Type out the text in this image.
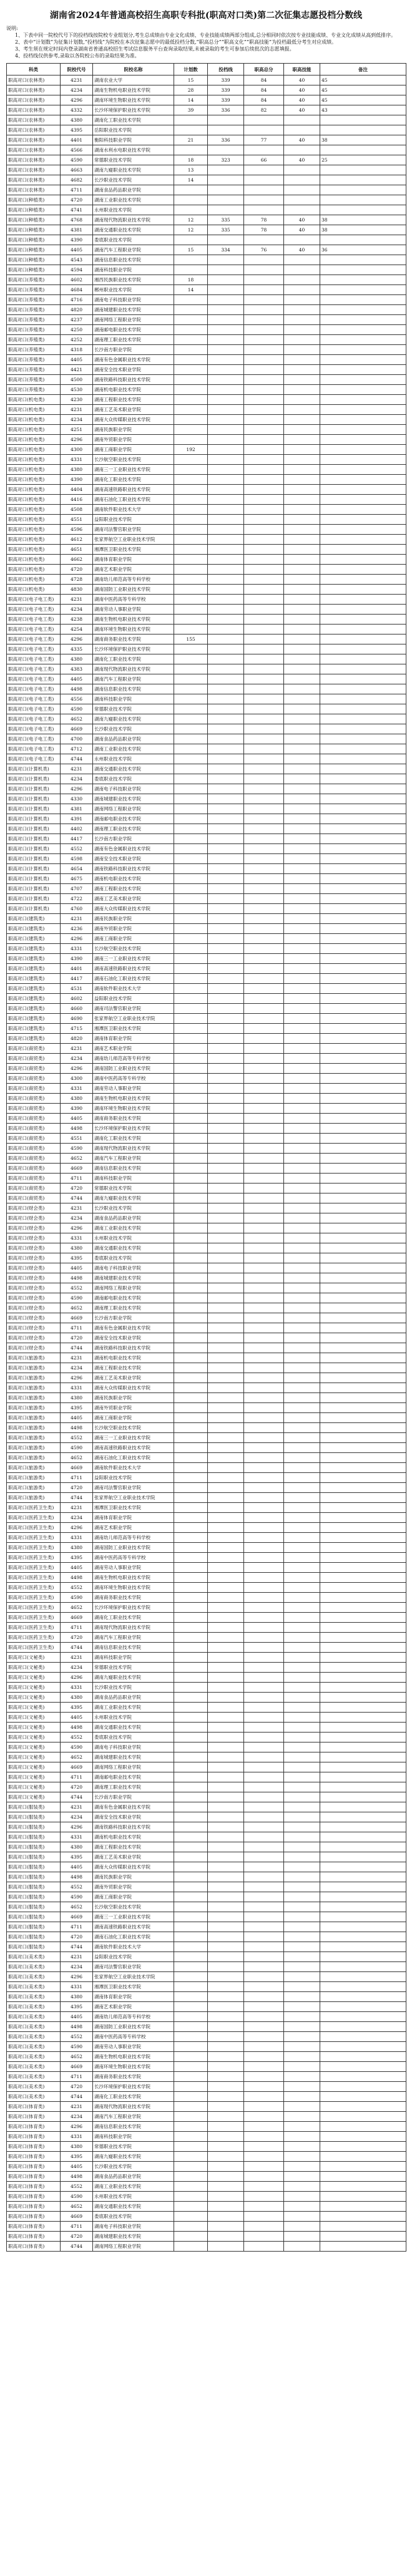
湖南省2024年普通高校招生高职专科批(职高对口类)第二次征集志愿投档分数线

说明:

1、下表中同一院校代号下的投档线按院校专业组划分,考生总成绩由专业文化成绩、专业技能成绩两部分组成,总分相同时依次按专业技能成绩、专业文化成绩从高到低排序。

2、表中“计划数”为征集计划数,“投档线”为院校在本次征集志愿中的最低投档分数,“职高总分”“职高文化”“职高技能”为投档最低分考生对应成绩。

3、考生须在规定时间内登录湖南省普通高校招生考试信息服务平台查询录取结果,未被录取的考生可参加后续批次的志愿填报。

4、投档线仅供参考,录取以各院校公布的录取结果为准。

科类	院校代号	院校名称	计划数	投档线	职高总分	职高技能	备注
职高对口(农林类)	4231	湖南农业大学	15	339	84	40	45
职高对口(农林类)	4234	湖南生物机电职业技术学院	28	339	84	40	45
职高对口(农林类)	4296	湖南环境生物职业技术学院	14	339	84	40	45
职高对口(农林类)	4332	长沙环境保护职业技术学院	39	336	82	40	43
职高对口(农林类)	4380	湖南化工职业技术学院					
职高对口(农林类)	4395	岳阳职业技术学院					
职高对口(农林类)	4401	衡阳科技职业学院	21	336	77	40	38
职高对口(农林类)	4566	湖南水利水电职业技术学院					
职高对口(农林类)	4590	常德职业技术学院	18	323	66	40	25
职高对口(农林类)	4663	湖南九嶷职业技术学院	13				
职高对口(农林类)	4682	长沙职业技术学院	14				
职高对口(农林类)	4711	湖南食品药品职业学院					
职高对口(种植类)	4720	湖南工业职业技术学院					
职高对口(种植类)	4741	永州职业技术学院					
职高对口(种植类)	4768	湖南现代物流职业技术学院	12	335	78	40	38
职高对口(种植类)	4381	湖南交通职业技术学院	12	335	78	40	38
职高对口(种植类)	4390	娄底职业技术学院					
职高对口(种植类)	4405	湖南汽车工程职业学院	15	334	76	40	36
职高对口(种植类)	4543	湖南信息职业技术学院					
职高对口(种植类)	4594	湖南科技职业学院					
职高对口(养殖类)	4602	湘西民族职业技术学院	18				
职高对口(养殖类)	4684	郴州职业技术学院	14				
职高对口(养殖类)	4716	湖南电子科技职业学院					
职高对口(养殖类)	4820	湖南城建职业技术学院					
职高对口(养殖类)	4237	湖南网络工程职业学院					
职高对口(养殖类)	4250	湖南邮电职业技术学院					
职高对口(养殖类)	4252	湖南理工职业技术学院					
职高对口(养殖类)	4318	长沙南方职业学院					
职高对口(养殖类)	4405	湖南有色金属职业技术学院					
职高对口(养殖类)	4421	湖南安全技术职业学院					
职高对口(养殖类)	4500	湖南铁路科技职业技术学院					
职高对口(养殖类)	4530	湖南机电职业技术学院					
职高对口(机电类)	4230	湖南工程职业技术学院					
职高对口(机电类)	4231	湖南工艺美术职业学院					
职高对口(机电类)	4234	湖南大众传媒职业技术学院					
职高对口(机电类)	4251	湖南民族职业学院					
职高对口(机电类)	4296	湖南外贸职业学院					
职高对口(机电类)	4300	湖南工商职业学院	192				
职高对口(机电类)	4331	长沙航空职业技术学院					
职高对口(机电类)	4380	湖南三一工业职业技术学院					
职高对口(机电类)	4390	湖南化工职业技术学院					
职高对口(机电类)	4404	湖南高速铁路职业技术学院					
职高对口(机电类)	4416	湖南石油化工职业技术学院					
职高对口(机电类)	4508	湖南软件职业技术大学					
职高对口(机电类)	4551	益阳职业技术学院					
职高对口(机电类)	4596	湖南司法警官职业学院					
职高对口(机电类)	4612	张家界航空工业职业技术学院					
职高对口(机电类)	4651	湘潭医卫职业技术学院					
职高对口(机电类)	4662	湖南体育职业学院					
职高对口(机电类)	4720	湖南艺术职业学院					
职高对口(机电类)	4728	湖南幼儿师范高等专科学校					
职高对口(机电类)	4830	湖南国防工业职业技术学院					
职高对口(电子电工类)	4231	湖南中医药高等专科学校					
职高对口(电子电工类)	4234	湖南劳动人事职业学院					
职高对口(电子电工类)	4238	湖南生物机电职业技术学院					
职高对口(电子电工类)	4254	湖南环境生物职业技术学院					
职高对口(电子电工类)	4296	湖南商务职业技术学院	155				
职高对口(电子电工类)	4335	长沙环境保护职业技术学院					
职高对口(电子电工类)	4380	湖南化工职业技术学院					
职高对口(电子电工类)	4383	湖南现代物流职业技术学院					
职高对口(电子电工类)	4405	湖南汽车工程职业学院					
职高对口(电子电工类)	4498	湖南信息职业技术学院					
职高对口(电子电工类)	4556	湖南科技职业学院					
职高对口(电子电工类)	4590	常德职业技术学院					
职高对口(电子电工类)	4652	湖南九嶷职业技术学院					
职高对口(电子电工类)	4669	长沙职业技术学院					
职高对口(电子电工类)	4700	湖南食品药品职业学院					
职高对口(电子电工类)	4712	湖南工业职业技术学院					
职高对口(电子电工类)	4744	永州职业技术学院					
职高对口(计算机类)	4231	湖南交通职业技术学院					
职高对口(计算机类)	4234	娄底职业技术学院					
职高对口(计算机类)	4296	湖南电子科技职业学院					
职高对口(计算机类)	4330	湖南城建职业技术学院					
职高对口(计算机类)	4381	湖南网络工程职业学院					
职高对口(计算机类)	4391	湖南邮电职业技术学院					
职高对口(计算机类)	4402	湖南理工职业技术学院					
职高对口(计算机类)	4417	长沙南方职业学院					
职高对口(计算机类)	4552	湖南有色金属职业技术学院					
职高对口(计算机类)	4598	湖南安全技术职业学院					
职高对口(计算机类)	4654	湖南铁路科技职业技术学院					
职高对口(计算机类)	4675	湖南机电职业技术学院					
职高对口(计算机类)	4707	湖南工程职业技术学院					
职高对口(计算机类)	4722	湖南工艺美术职业学院					
职高对口(计算机类)	4760	湖南大众传媒职业技术学院					
职高对口(建筑类)	4231	湖南民族职业学院					
职高对口(建筑类)	4236	湖南外贸职业学院					
职高对口(建筑类)	4296	湖南工商职业学院					
职高对口(建筑类)	4331	长沙航空职业技术学院					
职高对口(建筑类)	4390	湖南三一工业职业技术学院					
职高对口(建筑类)	4401	湖南高速铁路职业技术学院					
职高对口(建筑类)	4417	湖南石油化工职业技术学院					
职高对口(建筑类)	4531	湖南软件职业技术大学					
职高对口(建筑类)	4602	益阳职业技术学院					
职高对口(建筑类)	4660	湖南司法警官职业学院					
职高对口(建筑类)	4690	张家界航空工业职业技术学院					
职高对口(建筑类)	4715	湘潭医卫职业技术学院					
职高对口(建筑类)	4820	湖南体育职业学院					
职高对口(商贸类)	4231	湖南艺术职业学院					
职高对口(商贸类)	4234	湖南幼儿师范高等专科学校					
职高对口(商贸类)	4296	湖南国防工业职业技术学院					
职高对口(商贸类)	4300	湖南中医药高等专科学校					
职高对口(商贸类)	4331	湖南劳动人事职业学院					
职高对口(商贸类)	4380	湖南生物机电职业技术学院					
职高对口(商贸类)	4390	湖南环境生物职业技术学院					
职高对口(商贸类)	4405	湖南商务职业技术学院					
职高对口(商贸类)	4498	长沙环境保护职业技术学院					
职高对口(商贸类)	4551	湖南化工职业技术学院					
职高对口(商贸类)	4590	湖南现代物流职业技术学院					
职高对口(商贸类)	4652	湖南汽车工程职业学院					
职高对口(商贸类)	4669	湖南信息职业技术学院					
职高对口(商贸类)	4711	湖南科技职业学院					
职高对口(商贸类)	4720	常德职业技术学院					
职高对口(商贸类)	4744	湖南九嶷职业技术学院					
职高对口(财会类)	4231	长沙职业技术学院					
职高对口(财会类)	4234	湖南食品药品职业学院					
职高对口(财会类)	4296	湖南工业职业技术学院					
职高对口(财会类)	4331	永州职业技术学院					
职高对口(财会类)	4380	湖南交通职业技术学院					
职高对口(财会类)	4395	娄底职业技术学院					
职高对口(财会类)	4405	湖南电子科技职业学院					
职高对口(财会类)	4498	湖南城建职业技术学院					
职高对口(财会类)	4552	湖南网络工程职业学院					
职高对口(财会类)	4590	湖南邮电职业技术学院					
职高对口(财会类)	4652	湖南理工职业技术学院					
职高对口(财会类)	4669	长沙南方职业学院					
职高对口(财会类)	4711	湖南有色金属职业技术学院					
职高对口(财会类)	4720	湖南安全技术职业学院					
职高对口(财会类)	4744	湖南铁路科技职业技术学院					
职高对口(旅游类)	4231	湖南机电职业技术学院					
职高对口(旅游类)	4234	湖南工程职业技术学院					
职高对口(旅游类)	4296	湖南工艺美术职业学院					
职高对口(旅游类)	4331	湖南大众传媒职业技术学院					
职高对口(旅游类)	4380	湖南民族职业学院					
职高对口(旅游类)	4395	湖南外贸职业学院					
职高对口(旅游类)	4405	湖南工商职业学院					
职高对口(旅游类)	4498	长沙航空职业技术学院					
职高对口(旅游类)	4552	湖南三一工业职业技术学院					
职高对口(旅游类)	4590	湖南高速铁路职业技术学院					
职高对口(旅游类)	4652	湖南石油化工职业技术学院					
职高对口(旅游类)	4669	湖南软件职业技术大学					
职高对口(旅游类)	4711	益阳职业技术学院					
职高对口(旅游类)	4720	湖南司法警官职业学院					
职高对口(旅游类)	4744	张家界航空工业职业技术学院					
职高对口(医药卫生类)	4231	湘潭医卫职业技术学院					
职高对口(医药卫生类)	4234	湖南体育职业学院					
职高对口(医药卫生类)	4296	湖南艺术职业学院					
职高对口(医药卫生类)	4331	湖南幼儿师范高等专科学校					
职高对口(医药卫生类)	4380	湖南国防工业职业技术学院					
职高对口(医药卫生类)	4395	湖南中医药高等专科学校					
职高对口(医药卫生类)	4405	湖南劳动人事职业学院					
职高对口(医药卫生类)	4498	湖南生物机电职业技术学院					
职高对口(医药卫生类)	4552	湖南环境生物职业技术学院					
职高对口(医药卫生类)	4590	湖南商务职业技术学院					
职高对口(医药卫生类)	4652	长沙环境保护职业技术学院					
职高对口(医药卫生类)	4669	湖南化工职业技术学院					
职高对口(医药卫生类)	4711	湖南现代物流职业技术学院					
职高对口(医药卫生类)	4720	湖南汽车工程职业学院					
职高对口(医药卫生类)	4744	湖南信息职业技术学院					
职高对口(文秘类)	4231	湖南科技职业学院					
职高对口(文秘类)	4234	常德职业技术学院					
职高对口(文秘类)	4296	湖南九嶷职业技术学院					
职高对口(文秘类)	4331	长沙职业技术学院					
职高对口(文秘类)	4380	湖南食品药品职业学院					
职高对口(文秘类)	4395	湖南工业职业技术学院					
职高对口(文秘类)	4405	永州职业技术学院					
职高对口(文秘类)	4498	湖南交通职业技术学院					
职高对口(文秘类)	4552	娄底职业技术学院					
职高对口(文秘类)	4590	湖南电子科技职业学院					
职高对口(文秘类)	4652	湖南城建职业技术学院					
职高对口(文秘类)	4669	湖南网络工程职业学院					
职高对口(文秘类)	4711	湖南邮电职业技术学院					
职高对口(文秘类)	4720	湖南理工职业技术学院					
职高对口(文秘类)	4744	长沙南方职业学院					
职高对口(服装类)	4231	湖南有色金属职业技术学院					
职高对口(服装类)	4234	湖南安全技术职业学院					
职高对口(服装类)	4296	湖南铁路科技职业技术学院					
职高对口(服装类)	4331	湖南机电职业技术学院					
职高对口(服装类)	4380	湖南工程职业技术学院					
职高对口(服装类)	4395	湖南工艺美术职业学院					
职高对口(服装类)	4405	湖南大众传媒职业技术学院					
职高对口(服装类)	4498	湖南民族职业学院					
职高对口(服装类)	4552	湖南外贸职业学院					
职高对口(服装类)	4590	湖南工商职业学院					
职高对口(服装类)	4652	长沙航空职业技术学院					
职高对口(服装类)	4669	湖南三一工业职业技术学院					
职高对口(服装类)	4711	湖南高速铁路职业技术学院					
职高对口(服装类)	4720	湖南石油化工职业技术学院					
职高对口(服装类)	4744	湖南软件职业技术大学					
职高对口(美术类)	4231	益阳职业技术学院					
职高对口(美术类)	4234	湖南司法警官职业学院					
职高对口(美术类)	4296	张家界航空工业职业技术学院					
职高对口(美术类)	4331	湘潭医卫职业技术学院					
职高对口(美术类)	4380	湖南体育职业学院					
职高对口(美术类)	4395	湖南艺术职业学院					
职高对口(美术类)	4405	湖南幼儿师范高等专科学校					
职高对口(美术类)	4498	湖南国防工业职业技术学院					
职高对口(美术类)	4552	湖南中医药高等专科学校					
职高对口(美术类)	4590	湖南劳动人事职业学院					
职高对口(美术类)	4652	湖南生物机电职业技术学院					
职高对口(美术类)	4669	湖南环境生物职业技术学院					
职高对口(美术类)	4711	湖南商务职业技术学院					
职高对口(美术类)	4720	长沙环境保护职业技术学院					
职高对口(美术类)	4744	湖南化工职业技术学院					
职高对口(体育类)	4231	湖南现代物流职业技术学院					
职高对口(体育类)	4234	湖南汽车工程职业学院					
职高对口(体育类)	4296	湖南信息职业技术学院					
职高对口(体育类)	4331	湖南科技职业学院					
职高对口(体育类)	4380	常德职业技术学院					
职高对口(体育类)	4395	湖南九嶷职业技术学院					
职高对口(体育类)	4405	长沙职业技术学院					
职高对口(体育类)	4498	湖南食品药品职业学院					
职高对口(体育类)	4552	湖南工业职业技术学院					
职高对口(体育类)	4590	永州职业技术学院					
职高对口(体育类)	4652	湖南交通职业技术学院					
职高对口(体育类)	4669	娄底职业技术学院					
职高对口(体育类)	4711	湖南电子科技职业学院					
职高对口(体育类)	4720	湖南城建职业技术学院					
职高对口(体育类)	4744	湖南网络工程职业学院					
